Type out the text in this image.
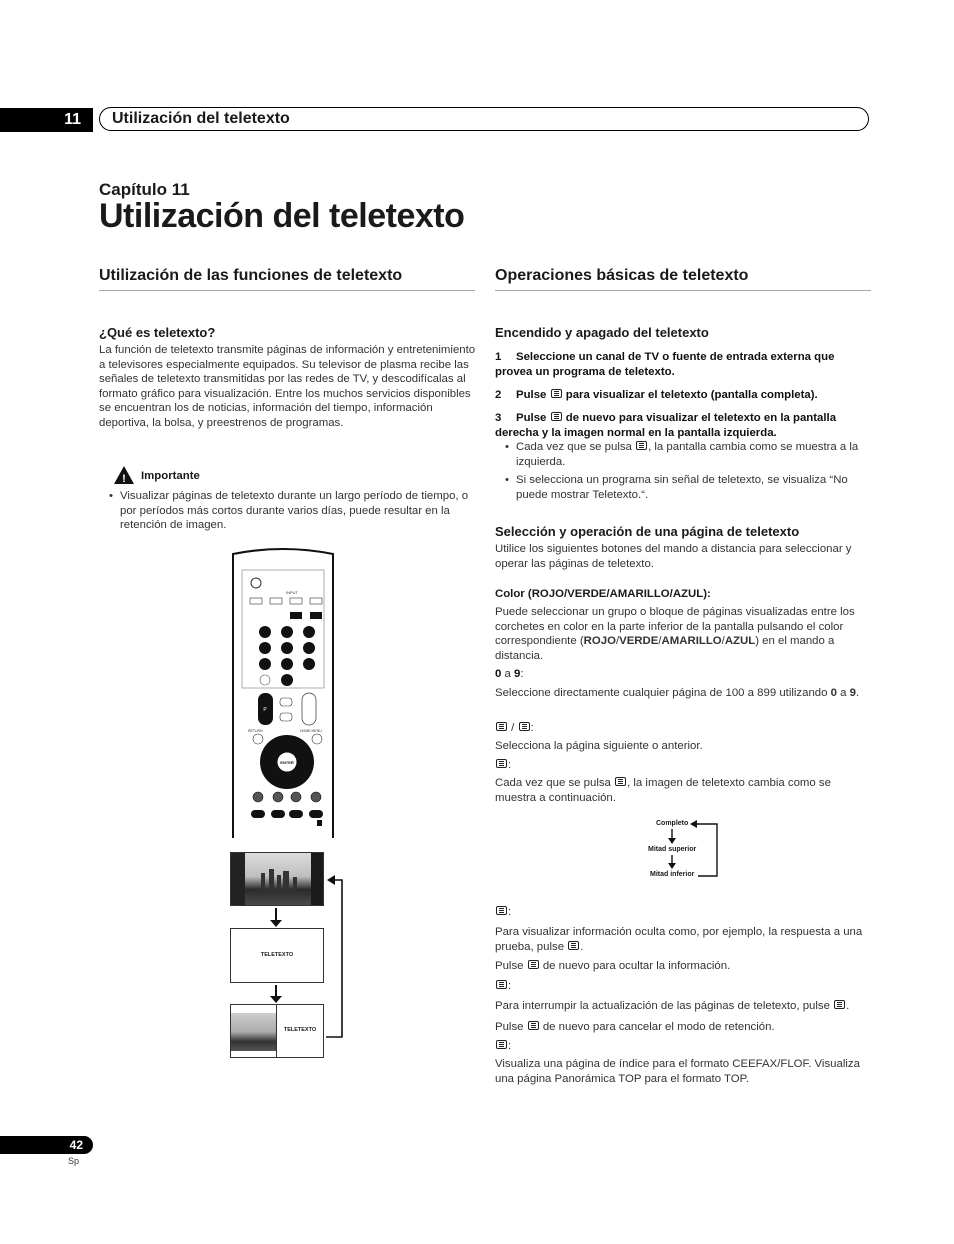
11	Utilización del teletexto
Capítulo 11
Utilización del teletexto
Utilización de las funciones de teletexto
¿Qué es teletexto?

La función de teletexto transmite páginas de información y entretenimiento a televisores especialmente equipados. Su televisor de plasma recibe las señales de teletexto transmitidas por las redes de TV, y descodifícalas al formato gráfico para visualización. Entre los muchos servicios disponibles se encuentran los de noticias, información del tiempo, información deportiva, la bolsa, y preestrenos de programas.

! Importante
• Visualizar páginas de teletexto durante un largo período de tiempo, o por períodos más cortos durante varios días, puede resultar en la retención de imagen.
INPUT
P
RETURN	HOME MENU
ENTER
TELETEXTO
TELETEXTO
Operaciones básicas de teletexto
Encendido y apagado del teletexto

1 Seleccione un canal de TV o fuente de entrada externa que provea un programa de teletexto.

2 Pulse para visualizar el teletexto (pantalla completa).

3 Pulse de nuevo para visualizar el teletexto en la pantalla derecha y la imagen normal en la pantalla izquierda.

• Cada vez que se pulsa , la pantalla cambia como se muestra a la izquierda.
• Si selecciona un programa sin señal de teletexto, se visualiza “No puede mostrar Teletexto.“.
Selección y operación de una página de teletexto

Utilice los siguientes botones del mando a distancia para seleccionar y operar las páginas de teletexto.

Color (ROJO/VERDE/AMARILLO/AZUL):

Puede seleccionar un grupo o bloque de páginas visualizadas entre los corchetes en color en la parte inferior de la pantalla pulsando el color correspondiente (ROJO/VERDE/AMARILLO/AZUL) en el mando a distancia.

0 a 9:

Seleccione directamente cualquier página de 100 a 899 utilizando 0 a 9.

/ :

Selecciona la página siguiente o anterior.

:

Cada vez que se pulsa , la imagen de teletexto cambia como se muestra a continuación.

Completo
Mitad superior
Mitad inferior
:

Para visualizar información oculta como, por ejemplo, la respuesta a una prueba, pulse .

Pulse de nuevo para ocultar la información.

:

Para interrumpir la actualización de las páginas de teletexto, pulse .

Pulse de nuevo para cancelar el modo de retención.

:

Visualiza una página de índice para el formato CEEFAX/FLOF. Visualiza una página Panorámica TOP para el formato TOP.

42
Sp
